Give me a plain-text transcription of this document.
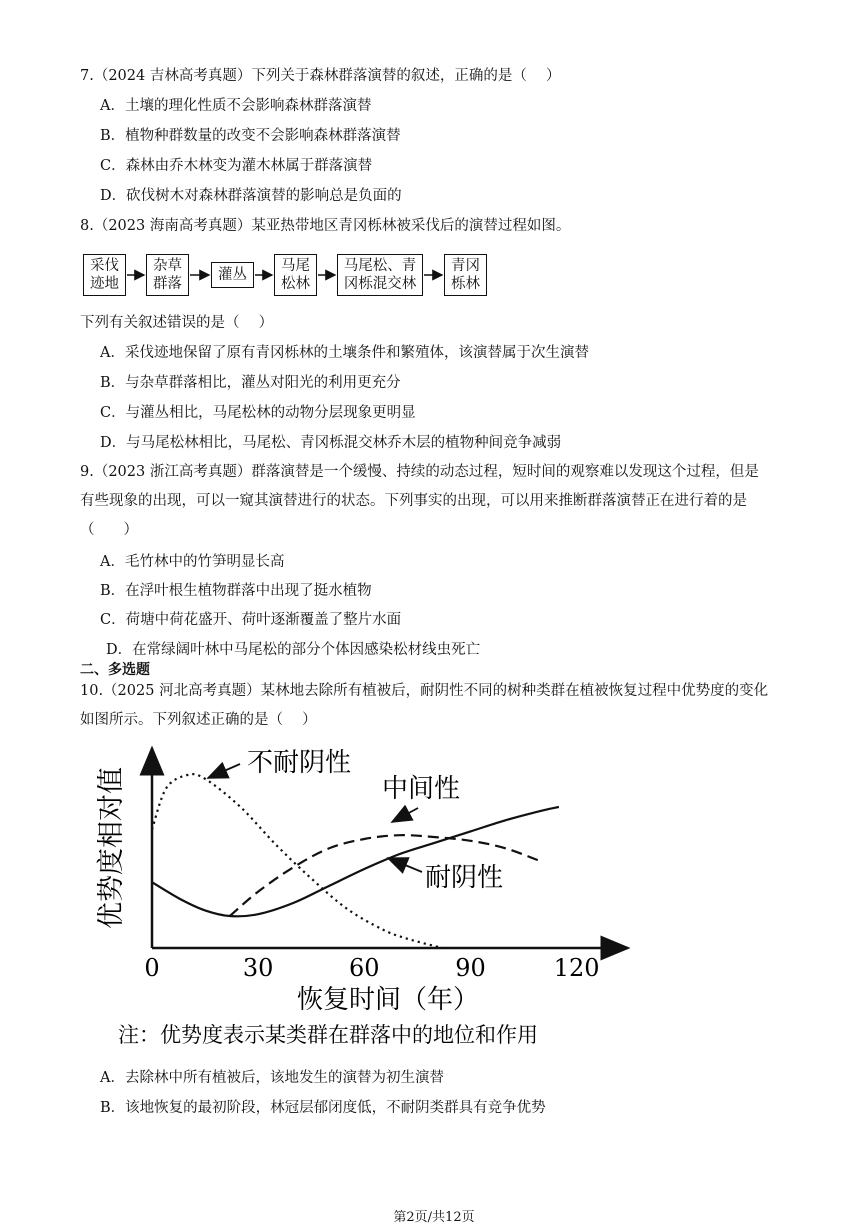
7.（2024 吉林高考真题）下列关于森林群落演替的叙述，正确的是（　 ）
A．土壤的理化性质不会影响森林群落演替
B．植物种群数量的改变不会影响森林群落演替
C．森林由乔木林变为灌木林属于群落演替
D．砍伐树木对森林群落演替的影响总是负面的
8.（2023 海南高考真题）某亚热带地区青冈栎林被采伐后的演替过程如图。
采伐
迹地
杂草
群落
灌丛
马尾
松林
马尾松、青
冈栎混交林
青冈
栎林
下列有关叙述错误的是（　 ）
A．采伐迹地保留了原有青冈栎林的土壤条件和繁殖体，该演替属于次生演替
B．与杂草群落相比，灌丛对阳光的利用更充分
C．与灌丛相比，马尾松林的动物分层现象更明显
D．与马尾松林相比，马尾松、青冈栎混交林乔木层的植物种间竞争减弱
9.（2023 浙江高考真题）群落演替是一个缓慢、持续的动态过程，短时间的观察难以发现这个过程，但是
有些现象的出现，可以一窥其演替进行的状态。下列事实的出现，可以用来推断群落演替正在进行着的是
（　　）
A．毛竹林中的竹笋明显长高
B．在浮叶根生植物群落中出现了挺水植物
C．荷塘中荷花盛开、荷叶逐渐覆盖了整片水面
D．在常绿阔叶林中马尾松的部分个体因感染松材线虫死亡
二、多选题
10.（2025 河北高考真题）某林地去除所有植被后，耐阴性不同的树种类群在植被恢复过程中优势度的变化
如图所示。下列叙述正确的是（　 ）
0	30	60	90	120
优势度相对值
恢复时间（年）
注：优势度表示某类群在群落中的地位和作用
不耐阴性
中间性
耐阴性
A．去除林中所有植被后，该地发生的演替为初生演替
B．该地恢复的最初阶段，林冠层郁闭度低，不耐阴类群具有竞争优势
第2页/共12页
